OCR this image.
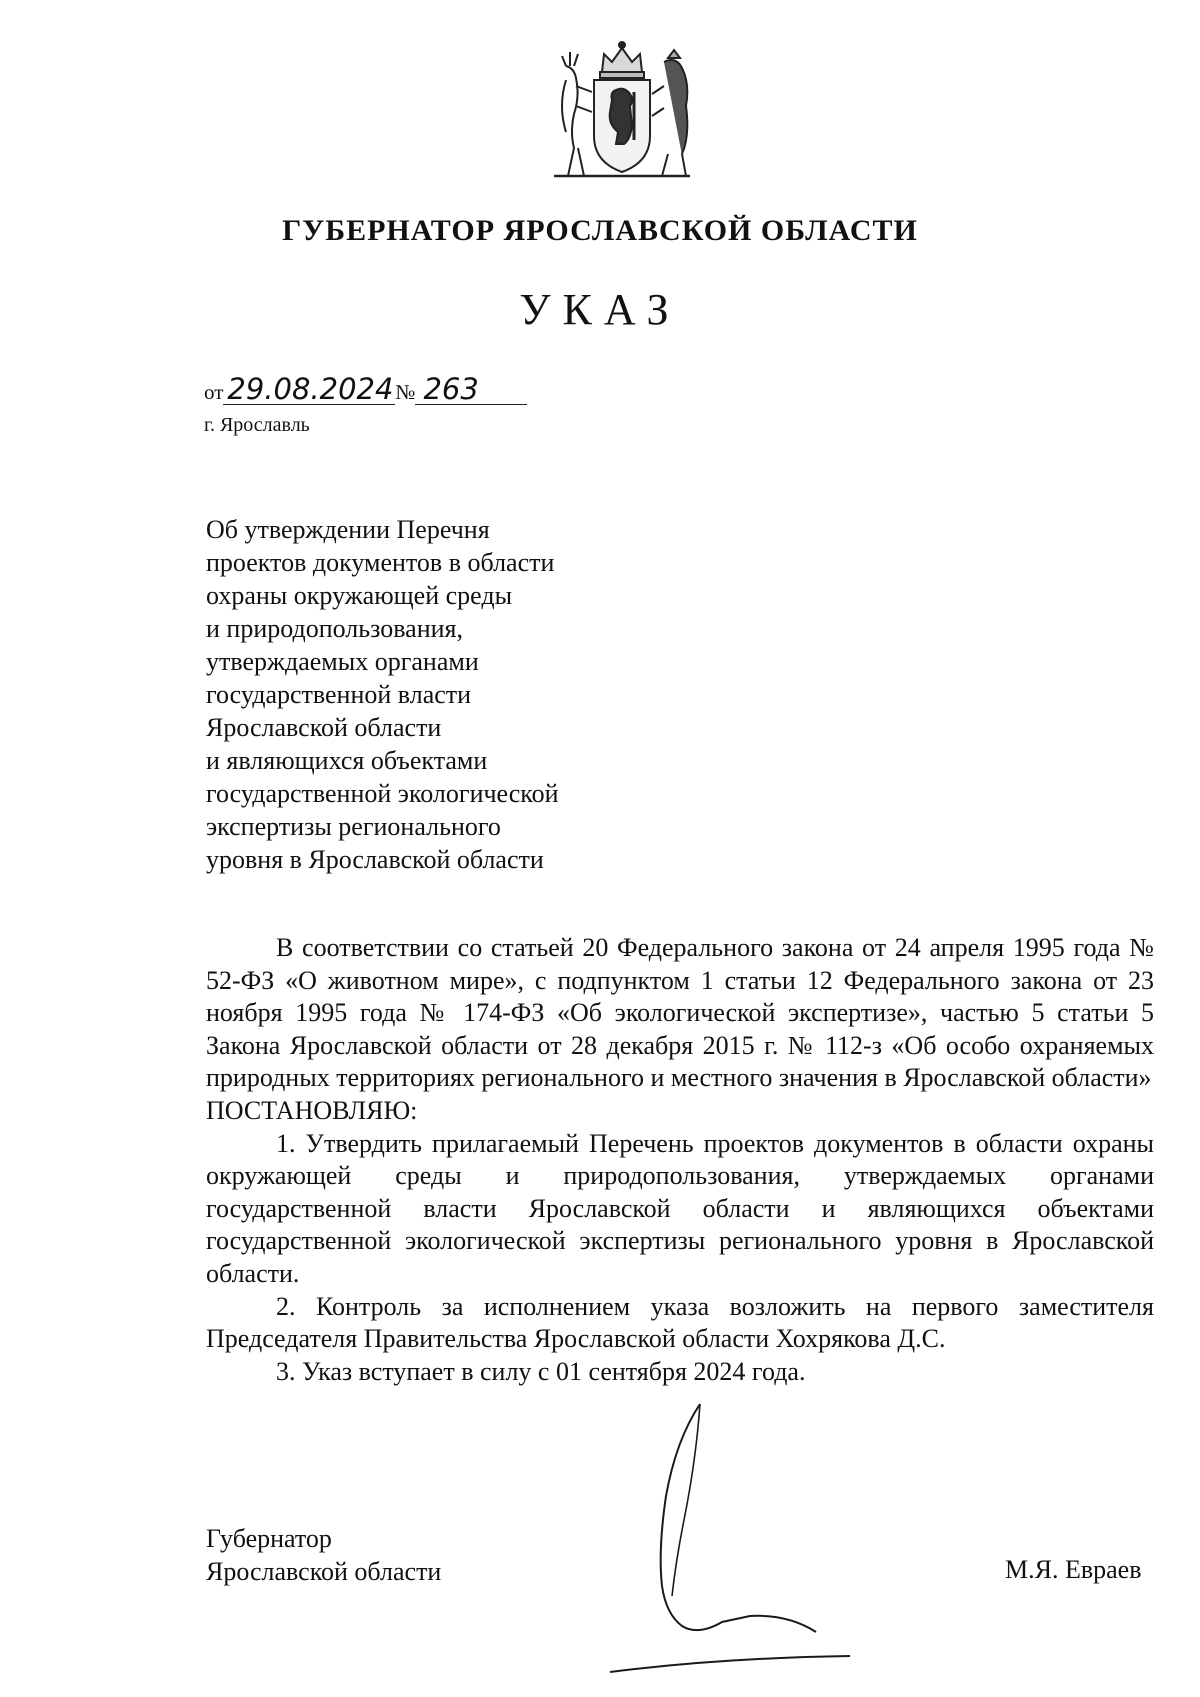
ГУБЕРНАТОР ЯРОСЛАВСКОЙ ОБЛАСТИ
УКАЗ
от 29.08.2024№ 263
г. Ярославль
Об утверждении Перечня
проектов документов в области
охраны окружающей среды
и природопользования,
утверждаемых органами
государственной власти
Ярославской области
и являющихся объектами
государственной экологической
экспертизы регионального
уровня в Ярославской области

В соответствии со статьей 20 Федерального закона от 24 апреля 1995 года № 52-ФЗ «О животном мире», с подпунктом 1 статьи 12 Федерального закона от 23 ноября 1995 года № 174-ФЗ «Об экологической экспертизе», частью 5 статьи 5 Закона Ярославской области от 28 декабря 2015 г. № 112-з «Об особо охраняемых природных территориях регионального и местного значения в Ярославской области»

ПОСТАНОВЛЯЮ:

1. Утвердить прилагаемый Перечень проектов документов в области охраны окружающей среды и природопользования, утверждаемых органами государственной власти Ярославской области и являющихся объектами государственной экологической экспертизы регионального уровня в Ярославской области.

2. Контроль за исполнением указа возложить на первого заместителя Председателя Правительства Ярославской области Хохрякова Д.С.

3. Указ вступает в силу с 01 сентября 2024 года.

Губернатор
Ярославской области	М.Я. Евраев
